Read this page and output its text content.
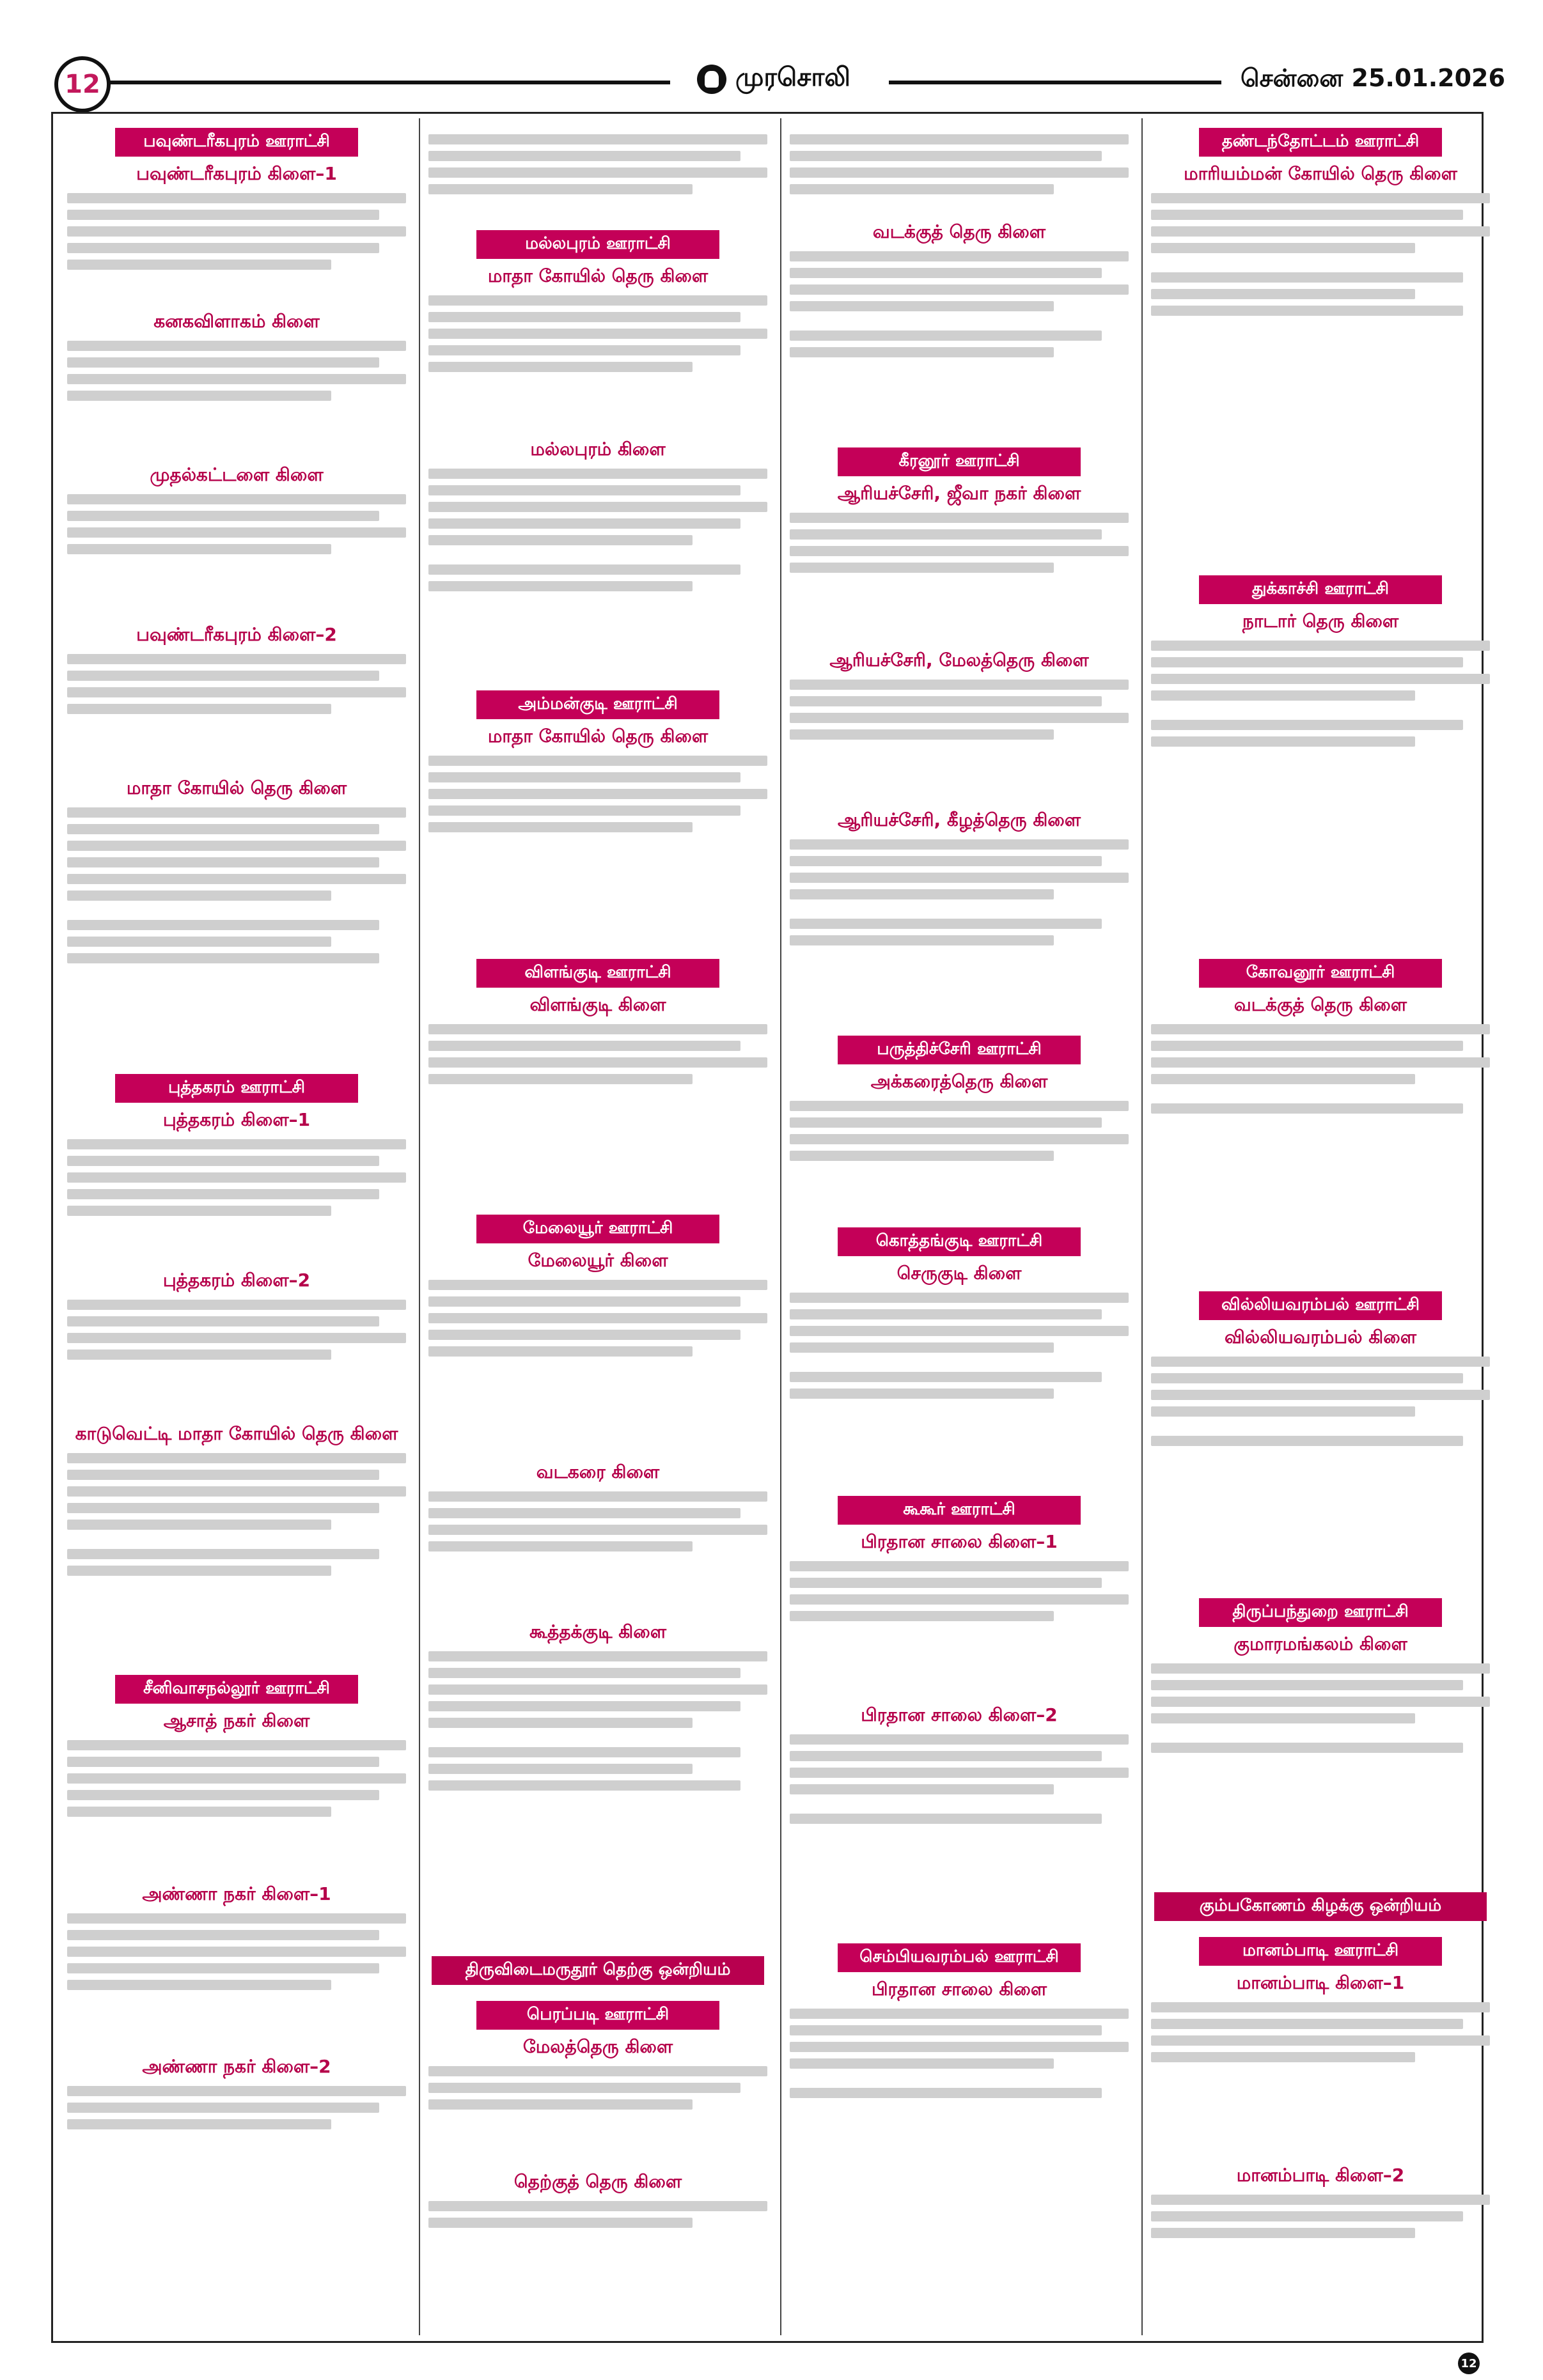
12	முரசொலி	சென்னை 25.01.2026
பவுண்டரீகபுரம் ஊராட்சி
பவுண்டரீகபுரம் கிளை–1
கனகவிளாகம் கிளை
முதல்கட்டளை கிளை
பவுண்டரீகபுரம் கிளை–2
மாதா கோயில் தெரு கிளை
புத்தகரம் ஊராட்சி
புத்தகரம் கிளை–1
புத்தகரம் கிளை–2
காடுவெட்டி மாதா கோயில் தெரு கிளை
சீனிவாசநல்லூர் ஊராட்சி
ஆசாத் நகர் கிளை
அண்ணா நகர் கிளை–1
அண்ணா நகர் கிளை–2
மல்லபுரம் ஊராட்சி
மாதா கோயில் தெரு கிளை
மல்லபுரம் கிளை
அம்மன்குடி ஊராட்சி
மாதா கோயில் தெரு கிளை
விளங்குடி ஊராட்சி
விளங்குடி கிளை
மேலையூர் ஊராட்சி
மேலையூர் கிளை
வடகரை கிளை
கூத்தக்குடி கிளை
திருவிடைமருதூர் தெற்கு ஒன்றியம்
பெரப்படி ஊராட்சி
மேலத்தெரு கிளை
தெற்குத் தெரு கிளை
வடக்குத் தெரு கிளை
கீரனூர் ஊராட்சி
ஆரியச்சேரி, ஜீவா நகர் கிளை
ஆரியச்சேரி, மேலத்தெரு கிளை
ஆரியச்சேரி, கீழத்தெரு கிளை
பருத்திச்சேரி ஊராட்சி
அக்கரைத்தெரு கிளை
கொத்தங்குடி ஊராட்சி
செருகுடி கிளை
கூகூர் ஊராட்சி
பிரதான சாலை கிளை–1
பிரதான சாலை கிளை–2
செம்பியவரம்பல் ஊராட்சி
பிரதான சாலை கிளை
தண்டந்தோட்டம் ஊராட்சி
மாரியம்மன் கோயில் தெரு கிளை
துக்காச்சி ஊராட்சி
நாடார் தெரு கிளை
கோவனூர் ஊராட்சி
வடக்குத் தெரு கிளை
வில்லியவரம்பல் ஊராட்சி
வில்லியவரம்பல் கிளை
திருப்பந்துறை ஊராட்சி
குமாரமங்கலம் கிளை
கும்பகோணம் கிழக்கு ஒன்றியம்
மானம்பாடி ஊராட்சி
மானம்பாடி கிளை–1
மானம்பாடி கிளை–2
12
